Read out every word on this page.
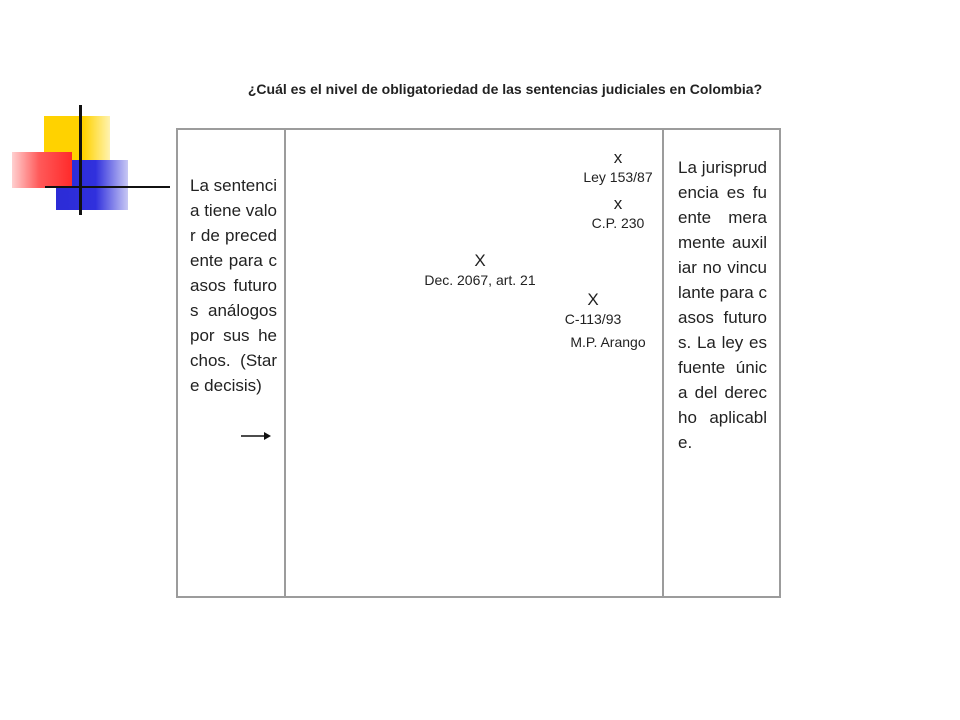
¿Cuál es el nivel de obligatoriedad de las sentencias judiciales en Colombia?
La sentencia tiene valor de precedente para casos futuros análogos por sus hechos. (Stare decisis)
La jurisprudencia es fuente meramente auxiliar no vinculante para casos futuros. La ley es fuente única del derecho aplicable.
x
Ley 153/87
x
C.P. 230
X
Dec. 2067, art. 21
X
C-113/93
M.P. Arango
